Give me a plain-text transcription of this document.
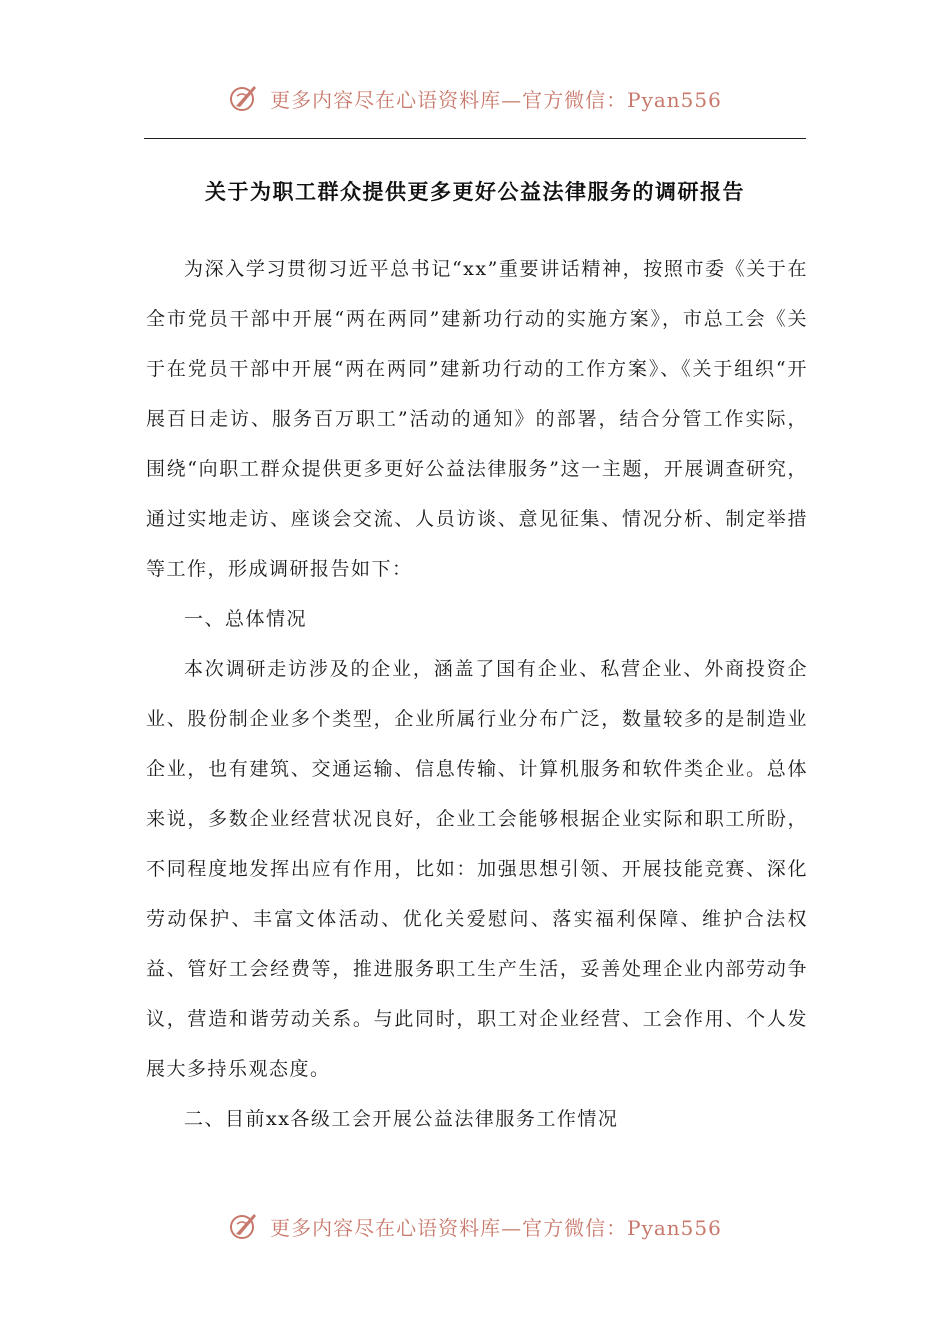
更多内容尽在心语资料库—官方微信：Pyan556
关于为职工群众提供更多更好公益法律服务的调研报告

为深入学习贯彻习近平总书记“xx”重要讲话精神，按照市委《关于在全市党员干部中开展“两在两同”建新功行动的实施方案》，市总工会《关于在党员干部中开展“两在两同”建新功行动的工作方案》、《关于组织“开展百日走访、服务百万职工”活动的通知》的部署，结合分管工作实际，围绕“向职工群众提供更多更好公益法律服务”这一主题，开展调查研究，通过实地走访、座谈会交流、人员访谈、意见征集、情况分析、制定举措等工作，形成调研报告如下：

一、总体情况

本次调研走访涉及的企业，涵盖了国有企业、私营企业、外商投资企业、股份制企业多个类型，企业所属行业分布广泛，数量较多的是制造业企业，也有建筑、交通运输、信息传输、计算机服务和软件类企业。总体来说，多数企业经营状况良好，企业工会能够根据企业实际和职工所盼，不同程度地发挥出应有作用，比如：加强思想引领、开展技能竞赛、深化劳动保护、丰富文体活动、优化关爱慰问、落实福利保障、维护合法权益、管好工会经费等，推进服务职工生产生活，妥善处理企业内部劳动争议，营造和谐劳动关系。与此同时，职工对企业经营、工会作用、个人发展大多持乐观态度。

二、目前xx各级工会开展公益法律服务工作情况

更多内容尽在心语资料库—官方微信：Pyan556
